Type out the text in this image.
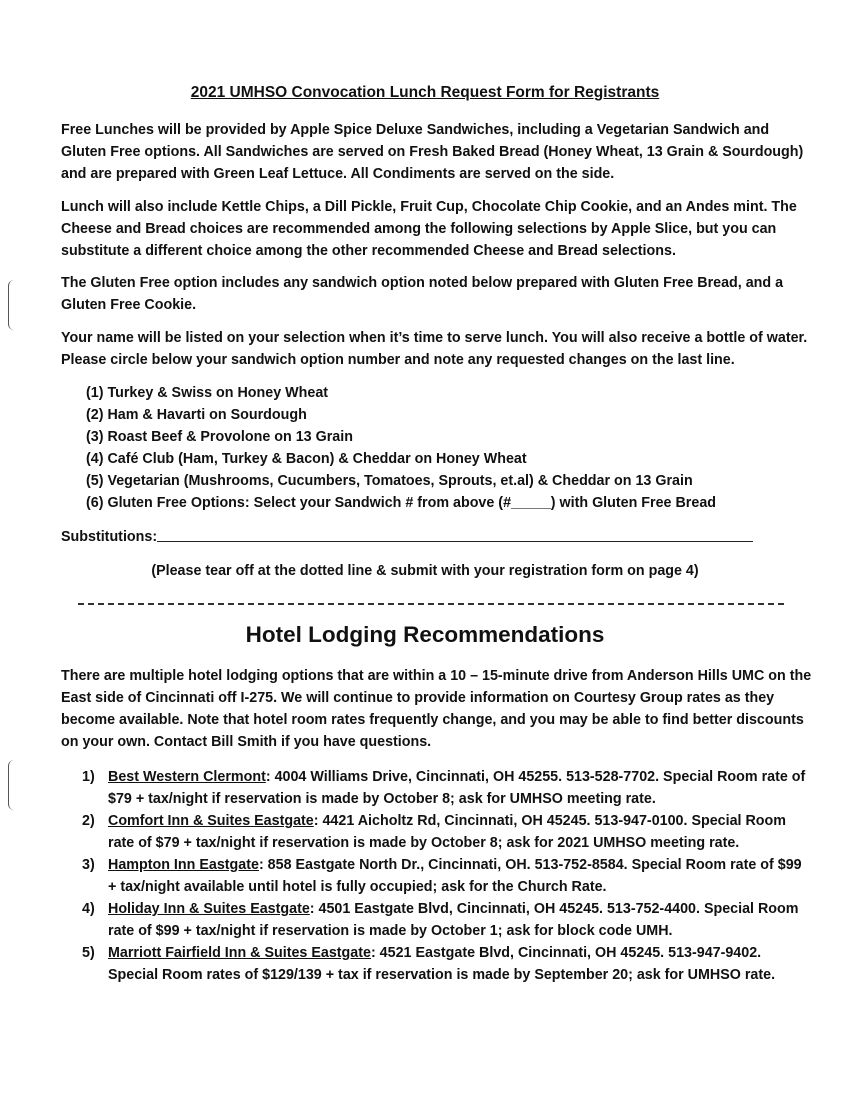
2021 UMHSO Convocation Lunch Request Form for Registrants

Free Lunches will be provided by Apple Spice Deluxe Sandwiches, including a Vegetarian Sandwich and Gluten Free options. All Sandwiches are served on Fresh Baked Bread (Honey Wheat, 13 Grain & Sourdough) and are prepared with Green Leaf Lettuce. All Condiments are served on the side.

Lunch will also include Kettle Chips, a Dill Pickle, Fruit Cup, Chocolate Chip Cookie, and an Andes mint. The Cheese and Bread choices are recommended among the following selections by Apple Slice, but you can substitute a different choice among the other recommended Cheese and Bread selections.

The Gluten Free option includes any sandwich option noted below prepared with Gluten Free Bread, and a Gluten Free Cookie.

Your name will be listed on your selection when it’s time to serve lunch. You will also receive a bottle of water. Please circle below your sandwich option number and note any requested changes on the last line.

(1) Turkey & Swiss on Honey Wheat
(2) Ham & Havarti on Sourdough
(3) Roast Beef & Provolone on 13 Grain
(4) Café Club (Ham, Turkey & Bacon) & Cheddar on Honey Wheat
(5) Vegetarian (Mushrooms, Cucumbers, Tomatoes, Sprouts, et.al) & Cheddar on 13 Grain
(6) Gluten Free Options: Select your Sandwich # from above (#_____) with Gluten Free Bread
Substitutions:
(Please tear off at the dotted line & submit with your registration form on page 4)
Hotel Lodging Recommendations

There are multiple hotel lodging options that are within a 10 – 15-minute drive from Anderson Hills UMC on the East side of Cincinnati off I-275. We will continue to provide information on Courtesy Group rates as they become available. Note that hotel room rates frequently change, and you may be able to find better discounts on your own. Contact Bill Smith if you have questions.

1) Best Western Clermont: 4004 Williams Drive, Cincinnati, OH 45255. 513-528-7702. Special Room rate of $79 + tax/night if reservation is made by October 8; ask for UMHSO meeting rate.
2) Comfort Inn & Suites Eastgate: 4421 Aicholtz Rd, Cincinnati, OH 45245. 513-947-0100. Special Room rate of $79 + tax/night if reservation is made by October 8; ask for 2021 UMHSO meeting rate.
3) Hampton Inn Eastgate: 858 Eastgate North Dr., Cincinnati, OH. 513-752-8584. Special Room rate of $99 + tax/night available until hotel is fully occupied; ask for the Church Rate.
4) Holiday Inn & Suites Eastgate: 4501 Eastgate Blvd, Cincinnati, OH 45245. 513-752-4400. Special Room rate of $99 + tax/night if reservation is made by October 1; ask for block code UMH.
5) Marriott Fairfield Inn & Suites Eastgate: 4521 Eastgate Blvd, Cincinnati, OH 45245. 513-947-9402. Special Room rates of $129/139 + tax if reservation is made by September 20; ask for UMHSO rate.
